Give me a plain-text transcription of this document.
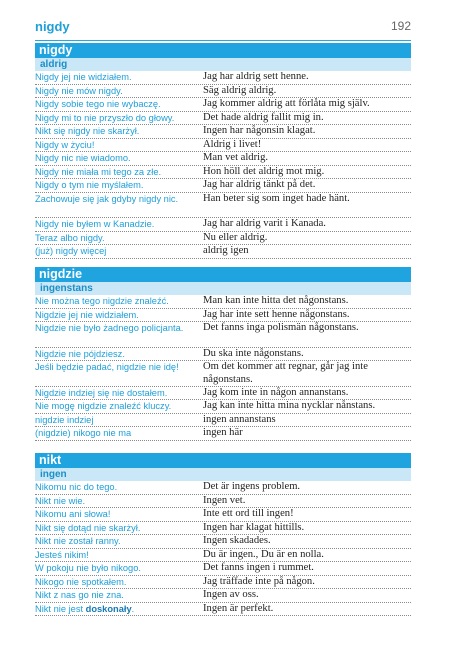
nigdy	192
nigdy
aldrig
Nigdy jej nie widziałem.	Jag har aldrig sett henne.
Nigdy nie mów nigdy.	Säg aldrig aldrig.
Nigdy sobie tego nie wybaczę.	Jag kommer aldrig att förlåta mig själv.
Nigdy mi to nie przyszło do głowy.	Det hade aldrig fallit mig in.
Nikt się nigdy nie skarżył.	Ingen har någonsin klagat.
Nigdy w życiu!	Aldrig i livet!
Nigdy nic nie wiadomo.	Man vet aldrig.
Nigdy nie miała mi tego za złe.	Hon höll det aldrig mot mig.
Nigdy o tym nie myślałem.	Jag har aldrig tänkt på det.
Zachowuje się jak gdyby nigdy nic.	Han beter sig som inget hade hänt.
Nigdy nie byłem w Kanadzie.	Jag har aldrig varit i Kanada.
Teraz albo nigdy.	Nu eller aldrig.
(już) nigdy więcej	aldrig igen
nigdzie
ingenstans
Nie można tego nigdzie znaleźć.	Man kan inte hitta det någonstans.
Nigdzie jej nie widziałem.	Jag har inte sett henne någonstans.
Nigdzie nie było żadnego policjanta.	Det fanns inga polismän någonstans.
Nigdzie nie pójdziesz.	Du ska inte någonstans.
Jeśli będzie padać, nigdzie nie idę!	Om det kommer att regnar, går jag inte någonstans.
Nigdzie indziej się nie dostałem.	Jag kom inte in någon annanstans.
Nie mogę nigdzie znaleźć kluczy.	Jag kan inte hitta mina nycklar nånstans.
nigdzie indziej	ingen annanstans
(nigdzie) nikogo nie ma	ingen här
nikt
ingen
Nikomu nic do tego.	Det är ingens problem.
Nikt nie wie.	Ingen vet.
Nikomu ani słowa!	Inte ett ord till ingen!
Nikt się dotąd nie skarżył.	Ingen har klagat hittills.
Nikt nie został ranny.	Ingen skadades.
Jesteś nikim!	Du är ingen., Du är en nolla.
W pokoju nie było nikogo.	Det fanns ingen i rummet.
Nikogo nie spotkałem.	Jag träffade inte på någon.
Nikt z nas go nie zna.	Ingen av oss.
Nikt nie jest doskonały.	Ingen är perfekt.
